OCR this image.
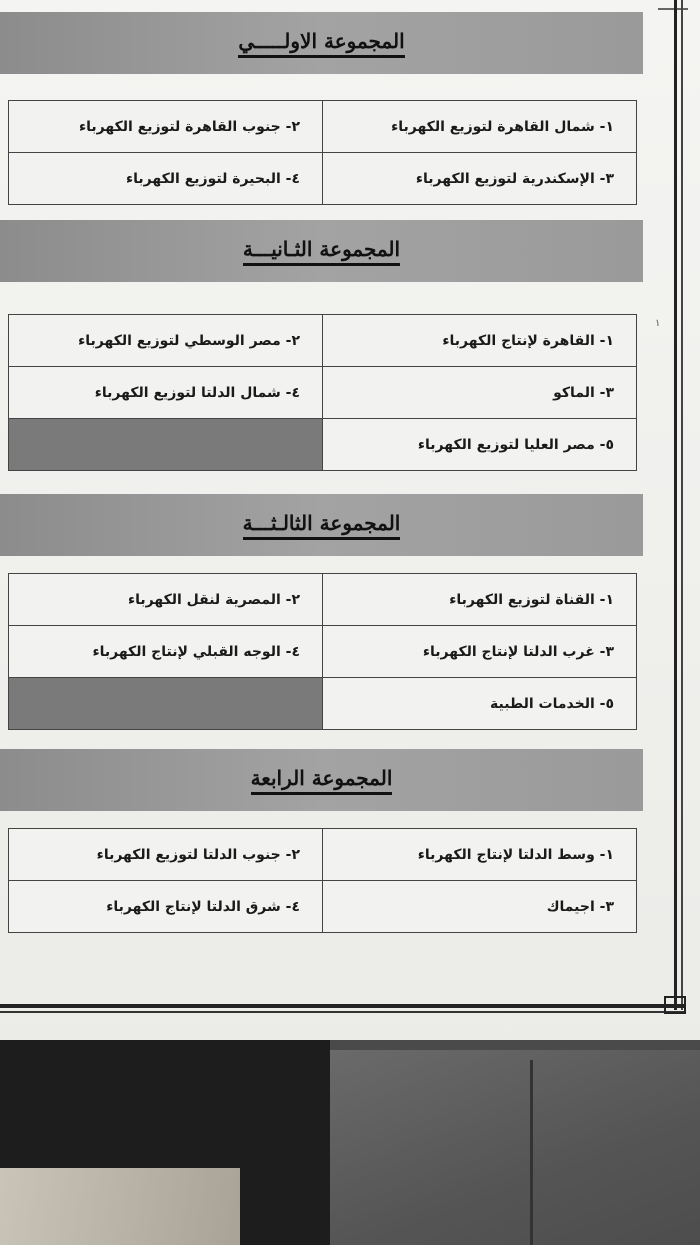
١
المجموعة الاولـــــي
١- شمال القاهرة لتوزيع الكهرباء	٢- جنوب القاهرة لتوزيع الكهرباء
٣- الإسكندرية لتوزيع الكهرباء	٤- البحيرة لتوزيع الكهرباء
المجموعة الثـانيـــة
١- القاهرة لإنتاج الكهرباء	٢- مصر الوسطي لتوزيع الكهرباء
٣- الماكو	٤- شمال الدلتا لتوزيع الكهرباء
٥- مصر العليا لتوزيع الكهرباء	
المجموعة الثالـثـــة
١- القناة لتوزيع الكهرباء	٢- المصرية لنقل الكهرباء
٣- غرب الدلتا لإنتاج الكهرباء	٤- الوجه القبلي لإنتاج الكهرباء
٥- الخدمات الطبية	
المجموعة الرابعة
١- وسط الدلتا لإنتاج الكهرباء	٢- جنوب الدلتا لتوزيع الكهرباء
٣- اجيماك	٤- شرق الدلتا لإنتاج الكهرباء
